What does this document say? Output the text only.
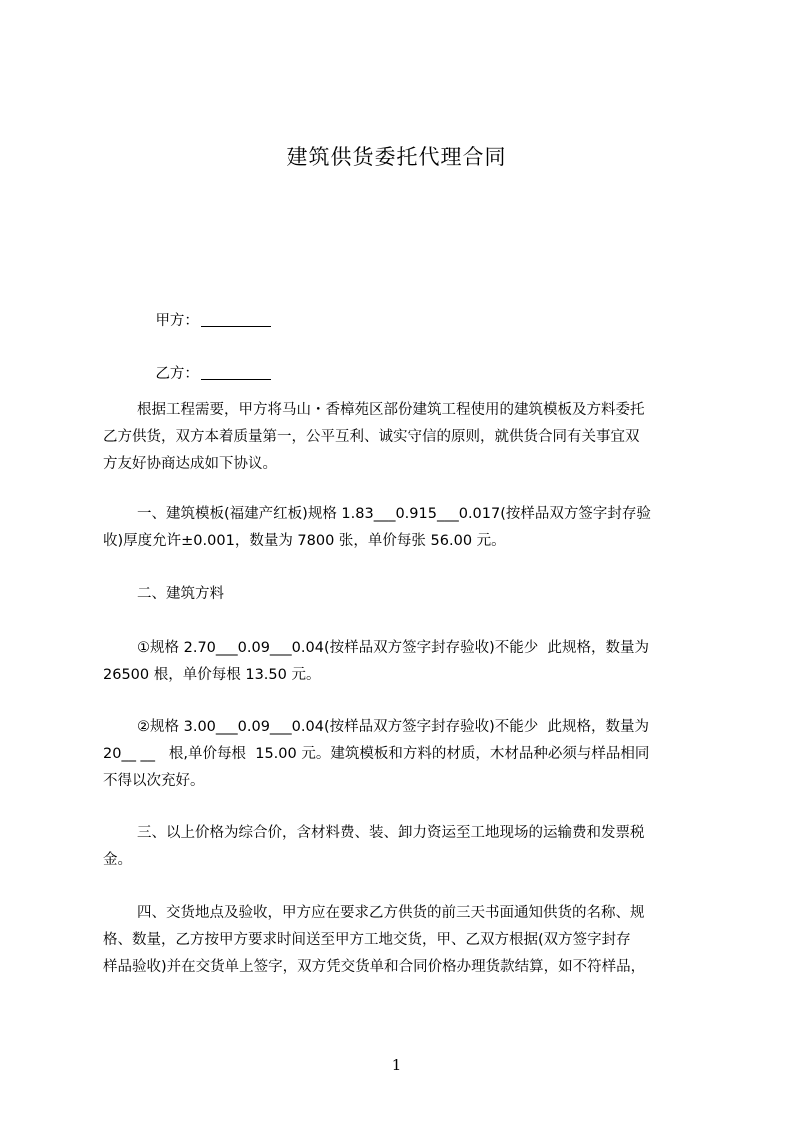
建筑供货委托代理合同

甲方：

乙方：

根据工程需要，甲方将马山・香樟苑区部份建筑工程使用的建筑模板及方料委托
乙方供货，双方本着质量第一，公平互利、诚实守信的原则，就供货合同有关事宜双
方友好协商达成如下协议。
一、建筑模板(福建产红板)规格 1.83___0.915___0.017(按样品双方签字封存验
收)厚度允许±0.001，数量为 7800 张，单价每张 56.00 元。
二、建筑方料
①规格 2.70___0.09___0.04(按样品双方签字封存验收)不能少  此规格，数量为
26500 根，单价每根 13.50 元。
②规格 3.00___0.09___0.04(按样品双方签字封存验收)不能少  此规格，数量为
20__ __   根,单价每根  15.00 元。建筑模板和方料的材质，木材品种必须与样品相同
不得以次充好。
三、以上价格为综合价，含材料费、装、卸力资运至工地现场的运输费和发票税
金。
四、交货地点及验收，甲方应在要求乙方供货的前三天书面通知供货的名称、规
格、数量，乙方按甲方要求时间送至甲方工地交货，甲、乙双方根据(双方签字封存
样品验收)并在交货单上签字，双方凭交货单和合同价格办理货款结算，如不符样品，
1
